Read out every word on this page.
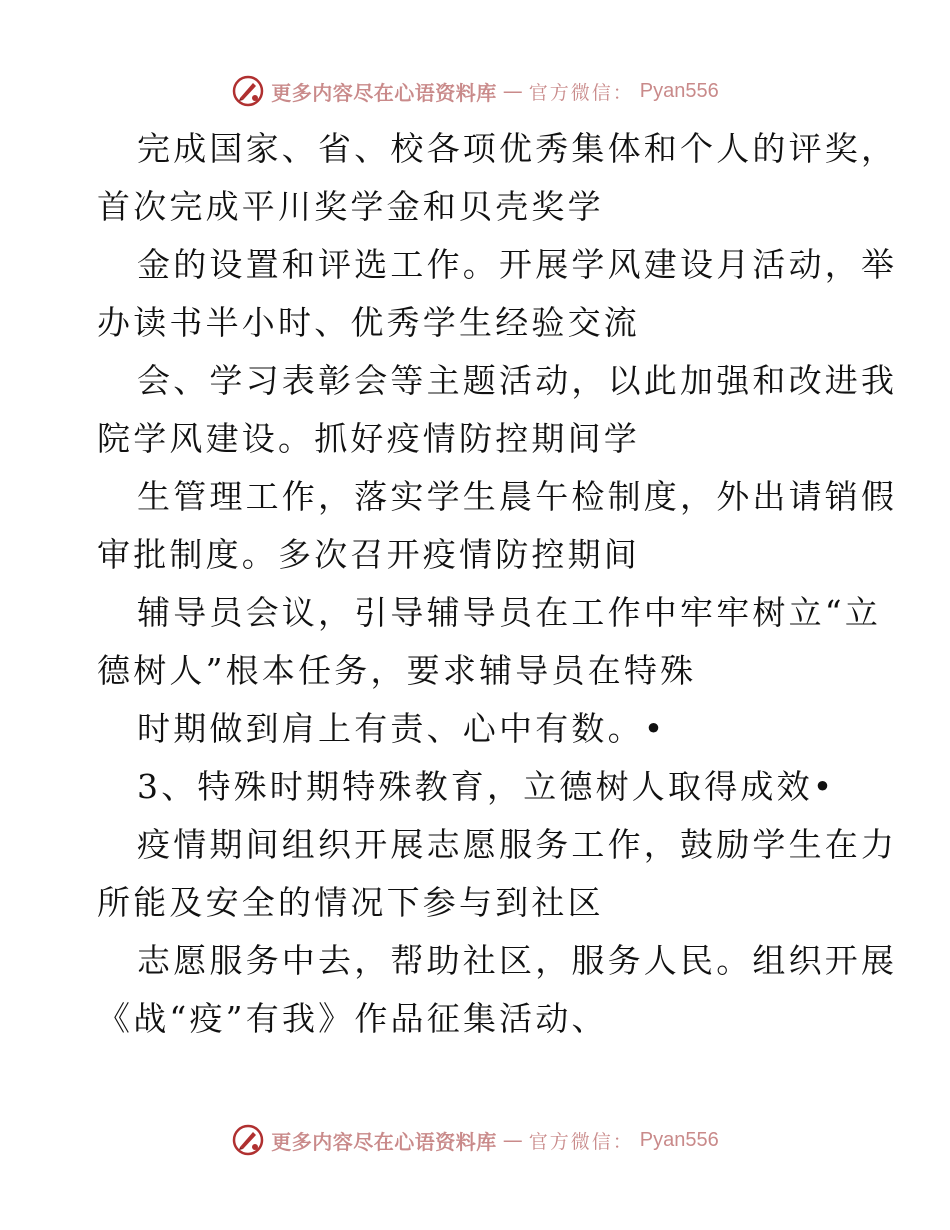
更多内容尽在心语资料库 — 官方微信： Pyan556
完成国家、省、校各项优秀集体和个人的评奖，
首次完成平川奖学金和贝壳奖学
金的设置和评选工作。开展学风建设月活动，举
办读书半小时、优秀学生经验交流
会、学习表彰会等主题活动，以此加强和改进我
院学风建设。抓好疫情防控期间学
生管理工作，落实学生晨午检制度，外出请销假
审批制度。多次召开疫情防控期间
辅导员会议，引导辅导员在工作中牢牢树立“立
德树人”根本任务，要求辅导员在特殊
时期做到肩上有责、心中有数。•
3、特殊时期特殊教育，立德树人取得成效•
疫情期间组织开展志愿服务工作，鼓励学生在力
所能及安全的情况下参与到社区
志愿服务中去，帮助社区，服务人民。组织开展
《战“疫”有我》作品征集活动、
更多内容尽在心语资料库 — 官方微信： Pyan556
